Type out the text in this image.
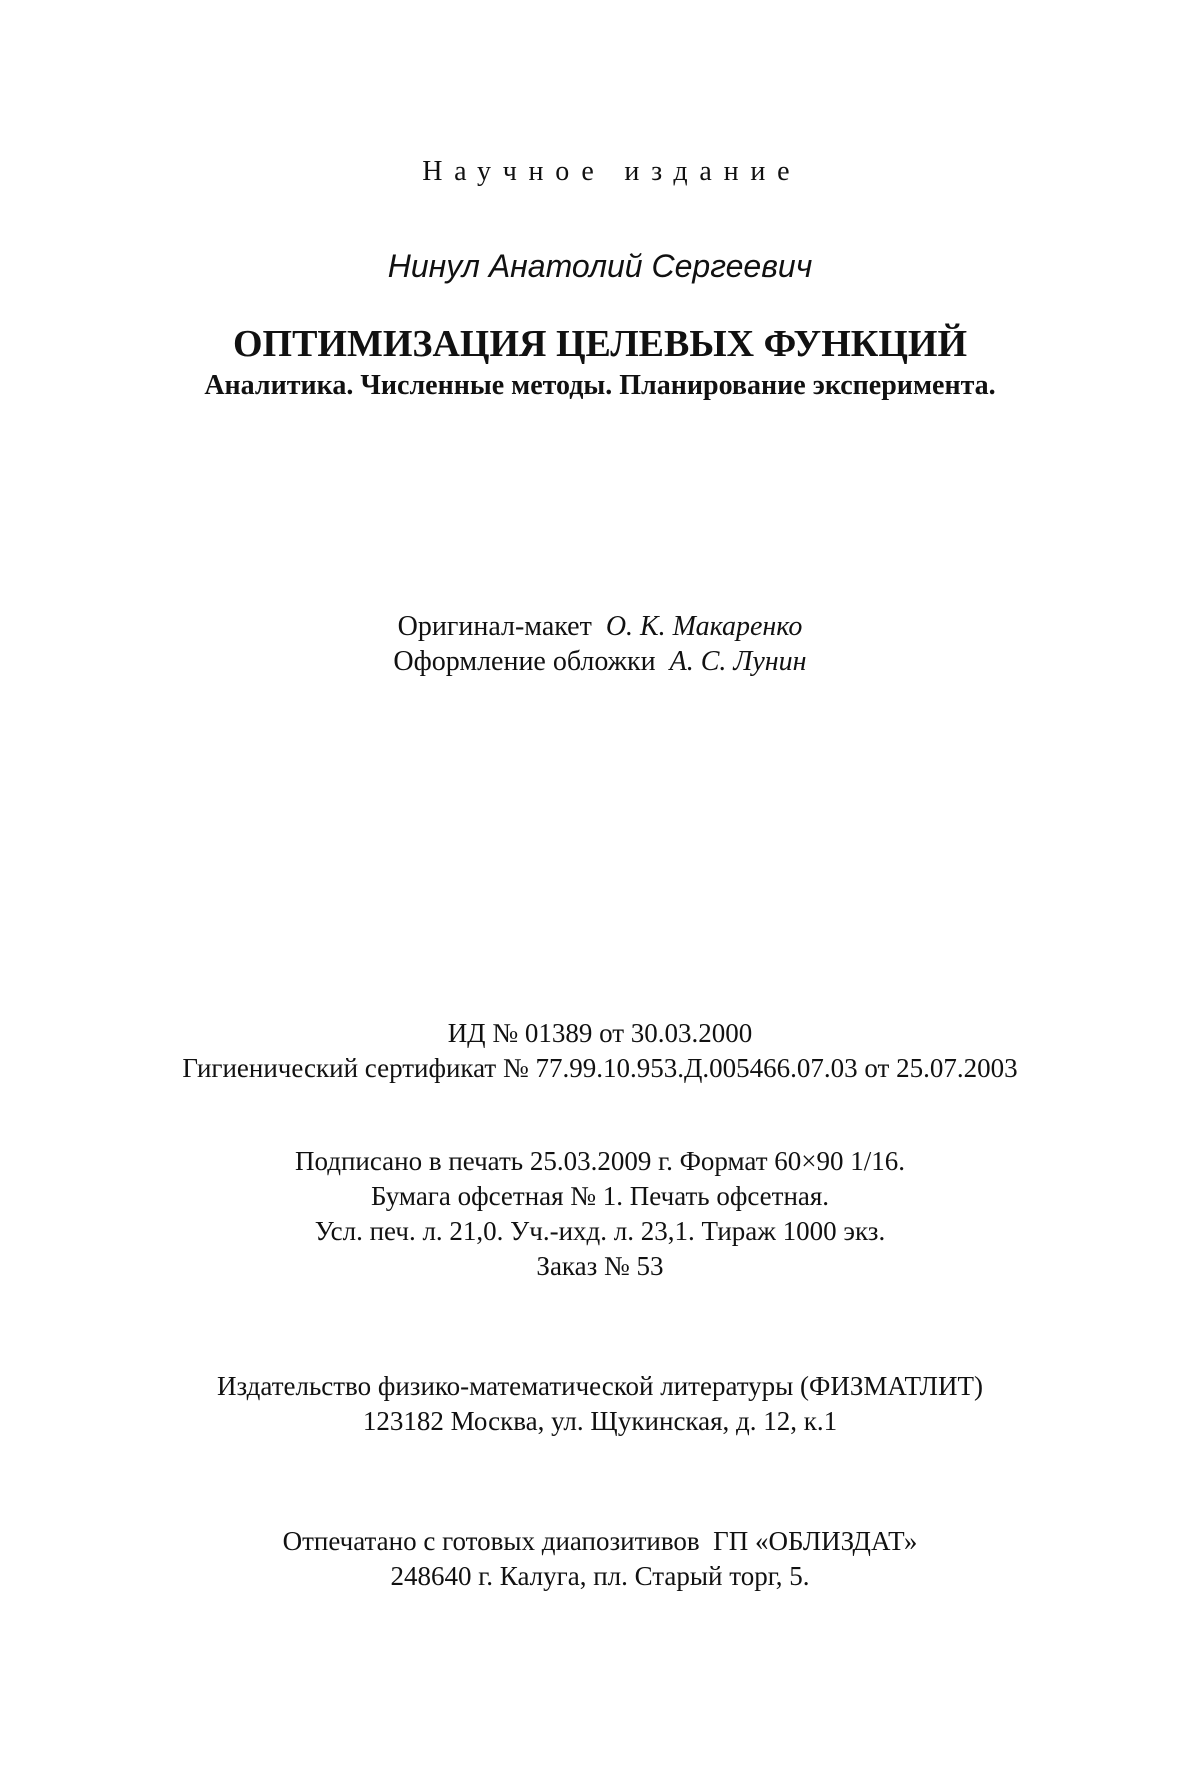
Научное издание
Нинул Анатолий Сергеевич
ОПТИМИЗАЦИЯ ЦЕЛЕВЫХ ФУНКЦИЙ
Аналитика. Численные методы. Планирование эксперимента.
Оригинал-макет О. К. Макаренко
Оформление обложки А. С. Лунин
ИД № 01389 от 30.03.2000
Гигиенический сертификат № 77.99.10.953.Д.005466.07.03 от 25.07.2003
Подписано в печать 25.03.2009 г. Формат 60×90 1/16.
Бумага офсетная № 1. Печать офсетная.
Усл. печ. л. 21,0. Уч.-ихд. л. 23,1. Тираж 1000 экз.
Заказ № 53
Издательство физико-математической литературы (ФИЗМАТЛИТ)
123182 Москва, ул. Щукинская, д. 12, к.1
Отпечатано с готовых диапозитивов  ГП «ОБЛИЗДАТ»
248640 г. Калуга, пл. Старый торг, 5.
